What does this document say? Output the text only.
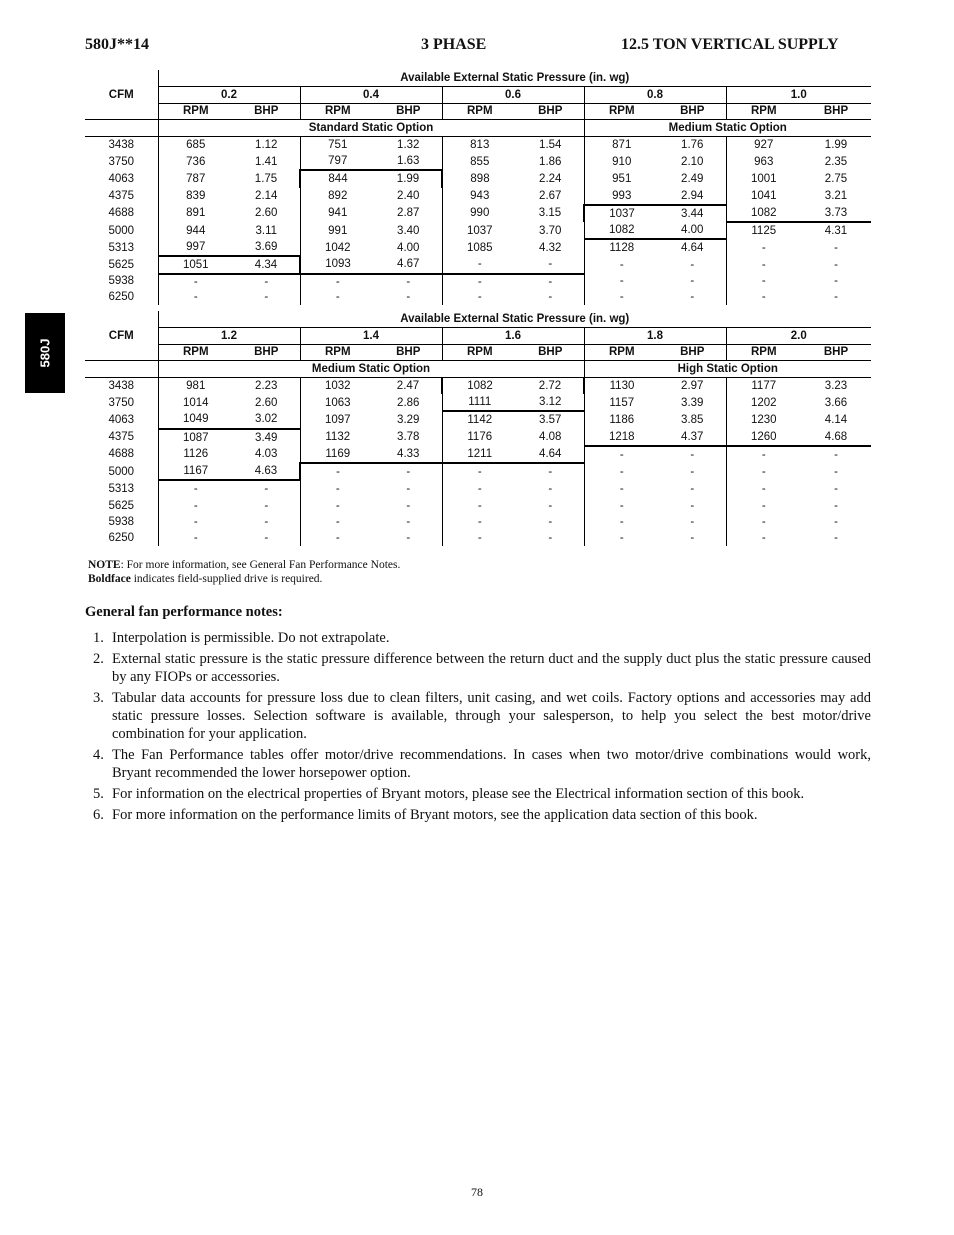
580J**14	3 PHASE	12.5 TON VERTICAL SUPPLY
580J
CFM	Available External Static Pressure (in. wg)									
	0.2		0.4		0.6		0.8		1.0	
	RPM	BHP	RPM	BHP	RPM	BHP	RPM	BHP	RPM	BHP
	Standard Static Option						Medium Static Option			
3438	685	1.12	751	1.32	813	1.54	871	1.76	927	1.99
3750	736	1.41	797	1.63	855	1.86	910	2.10	963	2.35
4063	787	1.75	844	1.99	898	2.24	951	2.49	1001	2.75
4375	839	2.14	892	2.40	943	2.67	993	2.94	1041	3.21
4688	891	2.60	941	2.87	990	3.15	1037	3.44	1082	3.73
5000	944	3.11	991	3.40	1037	3.70	1082	4.00	1125	4.31
5313	997	3.69	1042	4.00	1085	4.32	1128	4.64	-	-
5625	1051	4.34	1093	4.67	-	-	-	-	-	-
5938	-	-	-	-	-	-	-	-	-	-
6250	-	-	-	-	-	-	-	-	-	-
CFM	Available External Static Pressure (in. wg)									
	1.2		1.4		1.6		1.8		2.0	
	RPM	BHP	RPM	BHP	RPM	BHP	RPM	BHP	RPM	BHP
	Medium Static Option						High Static Option			
3438	981	2.23	1032	2.47	1082	2.72	1130	2.97	1177	3.23
3750	1014	2.60	1063	2.86	1111	3.12	1157	3.39	1202	3.66
4063	1049	3.02	1097	3.29	1142	3.57	1186	3.85	1230	4.14
4375	1087	3.49	1132	3.78	1176	4.08	1218	4.37	1260	4.68
4688	1126	4.03	1169	4.33	1211	4.64	-	-	-	-
5000	1167	4.63	-	-	-	-	-	-	-	-
5313	-	-	-	-	-	-	-	-	-	-
5625	-	-	-	-	-	-	-	-	-	-
5938	-	-	-	-	-	-	-	-	-	-
6250	-	-	-	-	-	-	-	-	-	-
NOTE: For more information, see General Fan Performance Notes.
Boldface indicates field-supplied drive is required.
General fan performance notes:
1. Interpolation is permissible. Do not extrapolate.
2. External static pressure is the static pressure difference between the return duct and the supply duct plus the static pressure caused by any FIOPs or accessories.
3. Tabular data accounts for pressure loss due to clean filters, unit casing, and wet coils. Factory options and accessories may add static pressure losses. Selection software is available, through your salesperson, to help you select the best motor/drive combination for your application.
4. The Fan Performance tables offer motor/drive recommendations. In cases when two motor/drive combinations would work, Bryant recommended the lower horsepower option.
5. For information on the electrical properties of Bryant motors, please see the Electrical information section of this book.
6. For more information on the performance limits of Bryant motors, see the application data section of this book.
78
